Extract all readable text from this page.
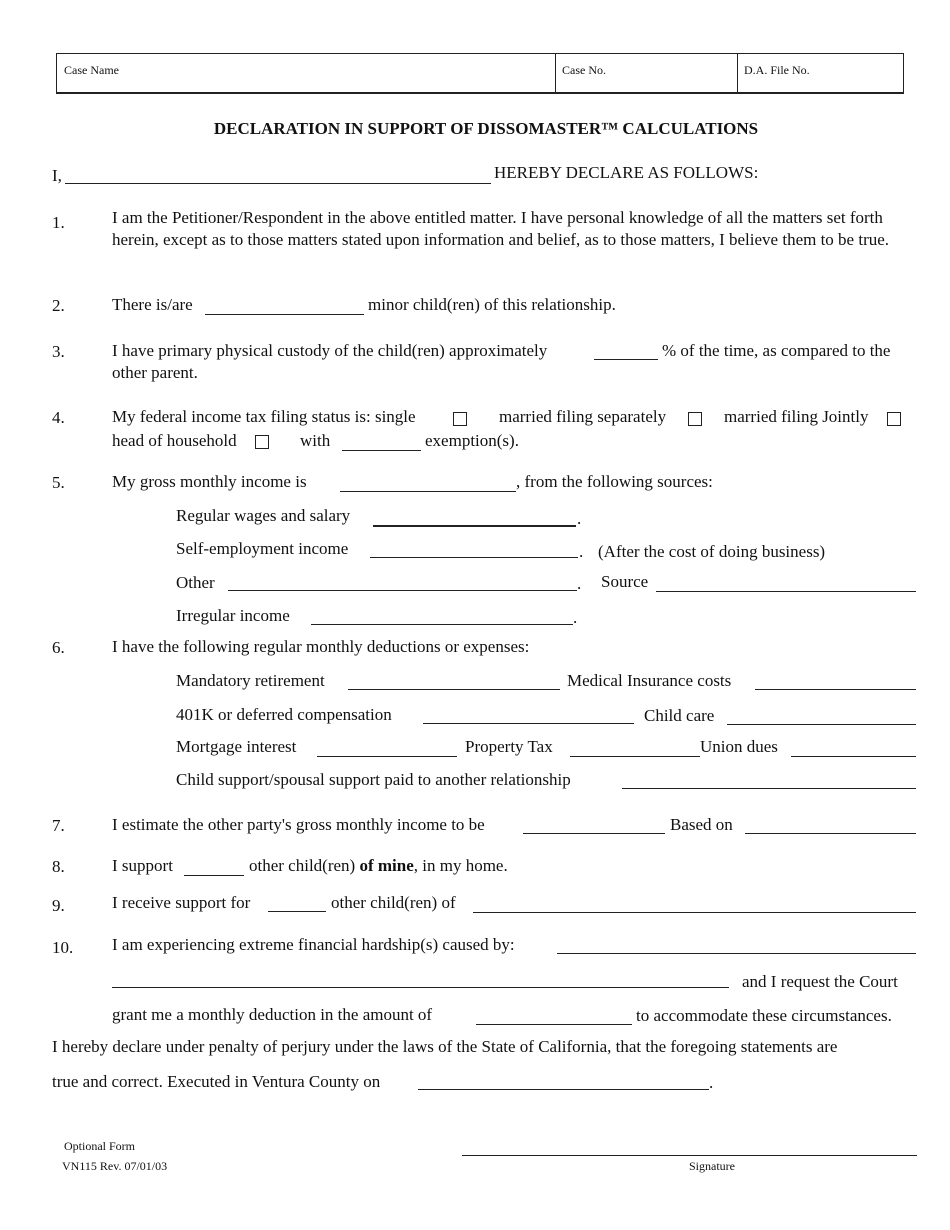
Case Name	Case No.	D.A. File No.
DECLARATION IN SUPPORT OF DISSOMASTER™ CALCULATIONS
I,	HEREBY DECLARE AS FOLLOWS:
1.	I am the Petitioner/Respondent in the above entitled matter. I have personal knowledge of all the matters set forth herein, except as to those matters stated upon information and belief, as to those matters, I believe them to be true.
2.	There is/are	minor child(ren) of this relationship.
3.	I have primary physical custody of the child(ren) approximately	% of the time, as compared to the
other parent.
4.	My federal income tax filing status is: single	married filing separately	married filing Jointly
head of household	with	exemption(s).
5.	My gross monthly income is	, from the following sources:
Regular wages and salary	.
Self-employment income	. (After the cost of doing business)
Other	. Source
Irregular income	.
6.	I have the following regular monthly deductions or expenses:
Mandatory retirement	Medical Insurance costs
401K or deferred compensation	Child care
Mortgage interest	Property Tax	Union dues
Child support/spousal support paid to another relationship
7.	I estimate the other party's gross monthly income to be	Based on
8.	I support	other child(ren) of mine, in my home.
9.	I receive support for	other child(ren) of
10. I am experiencing extreme financial hardship(s) caused by:
and I request the Court
grant me a monthly deduction in the amount of	to accommodate these circumstances.
I hereby declare under penalty of perjury under the laws of the State of California, that the foregoing statements are
true and correct. Executed in Ventura County on	.
Optional Form
VN115 Rev. 07/01/03	Signature
